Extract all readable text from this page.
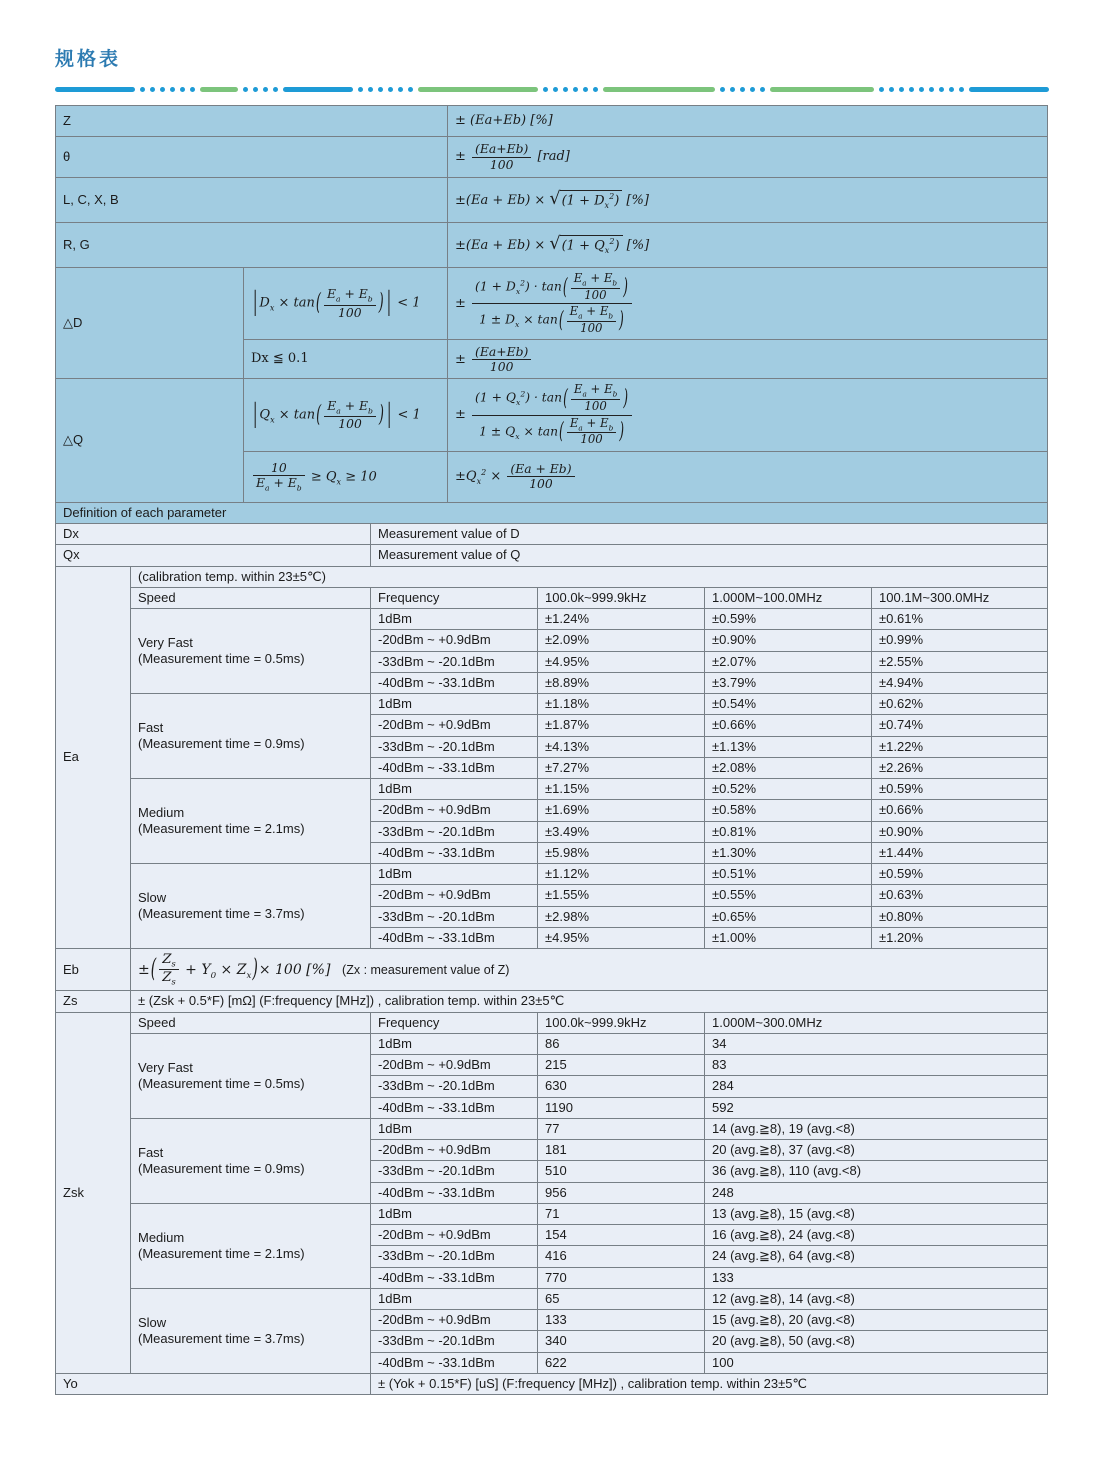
规格表
Z				± (Ea+Eb) [%]			
θ				± $\frac{(Ea+Eb)}{100} [rad]$			
L, C, X, B				±(Ea + Eb) × √ $(1 + D_x^2)$ [%]			
R, G				±(Ea + Eb) × √ $(1 + Q_x^2)$ [%]			
△D	| $D_x \times \tan( \frac{E_a + E_b}{100}$ ) | < 1	± $\frac{(1 + D_x^2) \cdot \tan( \frac{E_a + E_b}{100} )}{1 \pm D_x \times \tan( \frac{E_a + E_b}{100} )}$

		Dx ≦ 0.1		± $\frac{(Ea+Eb)}{100}$

△Q	| $Q_x \times \tan( \frac{E_a + E_b}{100}$ ) | < 1	± $\frac{(1 + Q_x^2) \cdot \tan( \frac{E_a + E_b}{100} )}{1 \pm Q_x \times \tan( \frac{E_a + E_b}{100} )}$

		$\frac{10}{E_a + E_b} \ge Q_x \ge 10$		$\pm Q_x^2 \times \frac{(Ea + Eb)}{100}$

Definition of each parameter							
Dx			Measurement value of D				
Qx			Measurement value of Q				
Ea	(calibration temp. within 23±5℃)						
	Speed		Frequency		100.0k~999.9kHz	1.000M~100.0MHz	100.1M~300.0MHz

	Very Fast
(Measurement time = 0.5ms)		1dBm		±1.24%	±0.59%	±0.61%
			-20dBm ~ +0.9dBm		±2.09%	±0.90%	±0.99%
			-33dBm ~ -20.1dBm		±4.95%	±2.07%	±2.55%
			-40dBm ~ -33.1dBm		±8.89%	±3.79%	±4.94%

	Fast
(Measurement time = 0.9ms)		1dBm		±1.18%	±0.54%	±0.62%
			-20dBm ~ +0.9dBm		±1.87%	±0.66%	±0.74%
			-33dBm ~ -20.1dBm		±4.13%	±1.13%	±1.22%
			-40dBm ~ -33.1dBm		±7.27%	±2.08%	±2.26%

	Medium
(Measurement time = 2.1ms)		1dBm		±1.15%	±0.52%	±0.59%
			-20dBm ~ +0.9dBm		±1.69%	±0.58%	±0.66%
			-33dBm ~ -20.1dBm		±3.49%	±0.81%	±0.90%
			-40dBm ~ -33.1dBm		±5.98%	±1.30%	±1.44%

	Slow
(Measurement time = 3.7ms)		1dBm		±1.12%	±0.51%	±0.59%
			-20dBm ~ +0.9dBm		±1.55%	±0.55%	±0.63%
			-33dBm ~ -20.1dBm		±2.98%	±0.65%	±0.80%
			-40dBm ~ -33.1dBm		±4.95%	±1.00%	±1.20%
Eb	±( $\frac{Z_s}{Z_s} + Y_0 \times Z_x)\times 100$ [%] (Zx : measurement value of Z)						
Zs	± (Zsk + 0.5*F) [mΩ] (F:frequency [MHz]) , calibration temp. within 23±5℃						
Zsk	Speed		Frequency		100.0k~999.9kHz	1.000M~300.0MHz	

	Very Fast
(Measurement time = 0.5ms)		1dBm		86	34	
			-20dBm ~ +0.9dBm		215	83	
			-33dBm ~ -20.1dBm		630	284	
			-40dBm ~ -33.1dBm		1190	592	

	Fast
(Measurement time = 0.9ms)		1dBm		77	14 (avg.≧8), 19 (avg.<8)	
			-20dBm ~ +0.9dBm		181	20 (avg.≧8), 37 (avg.<8)	
			-33dBm ~ -20.1dBm		510	36 (avg.≧8), 110 (avg.<8)	
			-40dBm ~ -33.1dBm		956	248	

	Medium
(Measurement time = 2.1ms)		1dBm		71	13 (avg.≧8), 15 (avg.<8)	
			-20dBm ~ +0.9dBm		154	16 (avg.≧8), 24 (avg.<8)	
			-33dBm ~ -20.1dBm		416	24 (avg.≧8), 64 (avg.<8)	
			-40dBm ~ -33.1dBm		770	133	

	Slow
(Measurement time = 3.7ms)		1dBm		65	12 (avg.≧8), 14 (avg.<8)	
			-20dBm ~ +0.9dBm		133	15 (avg.≧8), 20 (avg.<8)	
			-33dBm ~ -20.1dBm		340	20 (avg.≧8), 50 (avg.<8)	
			-40dBm ~ -33.1dBm		622	100	
Yo			± (Yok + 0.15*F) [uS] (F:frequency [MHz]) , calibration temp. within 23±5℃				
